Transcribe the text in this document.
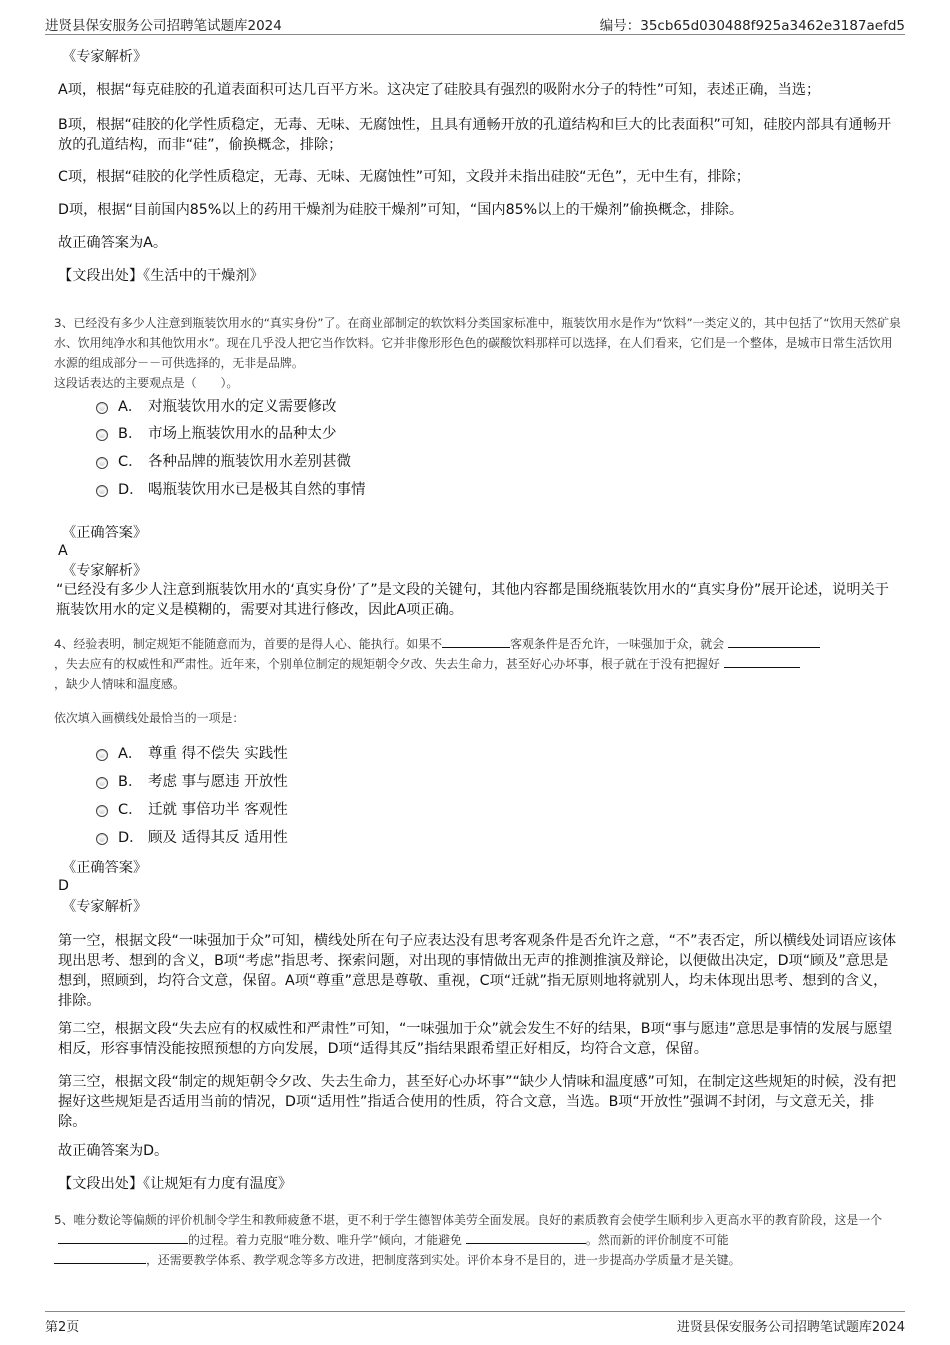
进贤县保安服务公司招聘笔试题库2024	编号：35cb65d030488f925a3462e3187aefd5
《专家解析》
A项，根据“每克硅胶的孔道表面积可达几百平方米。这决定了硅胶具有强烈的吸附水分子的特性”可知，表述正确，当选；
B项，根据“硅胶的化学性质稳定，无毒、无味、无腐蚀性，且具有通畅开放的孔道结构和巨大的比表面积”可知，硅胶内部具有通畅开放的孔道结构，而非“硅”，偷换概念，排除；
C项，根据“硅胶的化学性质稳定，无毒、无味、无腐蚀性”可知，文段并未指出硅胶“无色”，无中生有，排除；
D项，根据“目前国内85%以上的药用干燥剂为硅胶干燥剂”可知，“国内85%以上的干燥剂”偷换概念，排除。
故正确答案为A。
【文段出处】《生活中的干燥剂》
3、已经没有多少人注意到瓶装饮用水的“真实身份”了。在商业部制定的软饮料分类国家标准中，瓶装饮用水是作为“饮料”一类定义的，其中包括了“饮用天然矿泉水、饮用纯净水和其他饮用水”。现在几乎没人把它当作饮料。它并非像形形色色的碳酸饮料那样可以选择，在人们看来，它们是一个整体，是城市日常生活饮用水源的组成部分－－可供选择的，无非是品牌。
这段话表达的主要观点是（　　）。
A． 对瓶装饮用水的定义需要修改
B． 市场上瓶装饮用水的品种太少
C． 各种品牌的瓶装饮用水差别甚微
D． 喝瓶装饮用水已是极其自然的事情
《正确答案》
A
《专家解析》
“已经没有多少人注意到瓶装饮用水的‘真实身份’了”是文段的关键句，其他内容都是围绕瓶装饮用水的“真实身份”展开论述，说明关于瓶装饮用水的定义是模糊的，需要对其进行修改，因此A项正确。
4、经验表明，制定规矩不能随意而为，首要的是得人心、能执行。如果不	客观条件是否允许，一味强加于众，就会
，失去应有的权威性和严肃性。近年来，个别单位制定的规矩朝令夕改、失去生命力，甚至好心办坏事，根子就在于没有把握好
，缺少人情味和温度感。
依次填入画横线处最恰当的一项是：
A． 尊重 得不偿失 实践性
B． 考虑 事与愿违 开放性
C． 迁就 事倍功半 客观性
D． 顾及 适得其反 适用性
《正确答案》
D
《专家解析》
第一空，根据文段“一味强加于众”可知，横线处所在句子应表达没有思考客观条件是否允许之意，“不”表否定，所以横线处词语应该体现出思考、想到的含义，B项“考虑”指思考、探索问题，对出现的事情做出无声的推测推演及辩论，以便做出决定，D项“顾及”意思是想到，照顾到，均符合文意，保留。A项“尊重”意思是尊敬、重视，C项“迁就”指无原则地将就别人，均未体现出思考、想到的含义，排除。
第二空，根据文段“失去应有的权威性和严肃性”可知，“一味强加于众”就会发生不好的结果，B项“事与愿违”意思是事情的发展与愿望相反，形容事情没能按照预想的方向发展，D项“适得其反”指结果跟希望正好相反，均符合文意，保留。
第三空，根据文段“制定的规矩朝令夕改、失去生命力，甚至好心办坏事”“缺少人情味和温度感”可知，在制定这些规矩的时候，没有把握好这些规矩是否适用当前的情况，D项“适用性”指适合使用的性质，符合文意，当选。B项“开放性”强调不封闭，与文意无关，排除。
故正确答案为D。
【文段出处】《让规矩有力度有温度》
5、唯分数论等偏颇的评价机制令学生和教师疲惫不堪，更不利于学生德智体美劳全面发展。良好的素质教育会使学生顺利步入更高水平的教育阶段，这是一个的过程。着力克服“唯分数、唯升学”倾向，才能避免	。然而新的评价制度不可能
，还需要教学体系、教学观念等多方改进，把制度落到实处。评价本身不是目的，进一步提高办学质量才是关键。
第2页	进贤县保安服务公司招聘笔试题库2024
